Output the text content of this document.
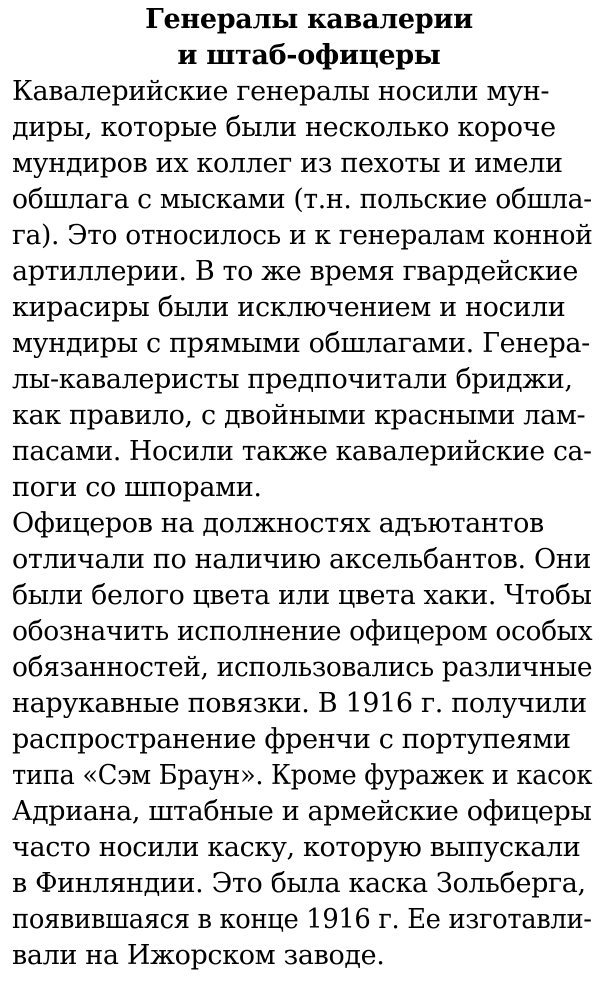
Генералы кавалерии
и штаб-офицеры
Кавалерийские генералы носили мун-
диры, которые были несколько короче
мундиров их коллег из пехоты и имели
обшлага с мысками (т.н. польские обшла-
га). Это относилось и к генералам конной
артиллерии. В то же время гвардейские
кирасиры были исключением и носили
мундиры с прямыми обшлагами. Генера-
лы-кавалеристы предпочитали бриджи,
как правило, с двойными красными лам-
пасами. Носили также кавалерийские са-
поги со шпорами.
Офицеров на должностях адъютантов
отличали по наличию аксельбантов. Они
были белого цвета или цвета хаки. Чтобы
обозначить исполнение офицером особых
обязанностей, использовались различные
нарукавные повязки. В 1916 г. получили
распространение френчи с портупеями
типа «Сэм Браун». Кроме фуражек и касок
Адриана, штабные и армейские офицеры
часто носили каску, которую выпускали
в Финляндии. Это была каска Зольберга,
появившаяся в конце 1916 г. Ее изготавли-
вали на Ижорском заводе.
